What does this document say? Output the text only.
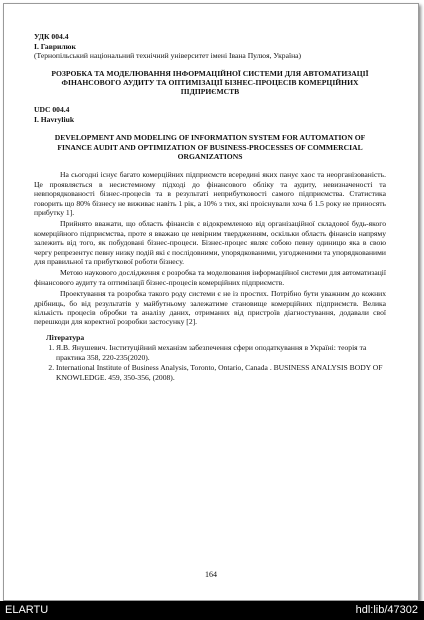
УДК 004.4
І. Гаврилюк
(Тернопільський національний технічний університет імені Івана Пулюя, Україна)
РОЗРОБКА ТА МОДЕЛЮВАННЯ ІНФОРМАЦІЙНОЇ СИСТЕМИ ДЛЯ АВТОМАТИЗАЦІЇ ФІНАНСОВОГО АУДИТУ ТА ОПТИМІЗАЦІЇ БІЗНЕС-ПРОЦЕСІВ КОМЕРЦІЙНИХ ПІДПРИЄМСТВ
UDC 004.4
I. Havryliuk
DEVELOPMENT AND MODELING OF INFORMATION SYSTEM FOR AUTOMATION OF FINANCE AUDIT AND OPTIMIZATION OF BUSINESS-PROCESSES OF COMMERCIAL ORGANIZATIONS

На сьогодні існує багато комерційних підприємств всередині яких панує хаос та неорганізованість. Це проявляється в несистемному підході до фінансового обліку та аудиту, невизначеності та невпорядкованості бізнес-процесів та в результаті неприбутковості самого підприємства. Статистика говорить що 80% бізнесу не виживає навіть 1 рік, а 10% з тих, які проіснували хоча б 1.5 року не приносять прибутку 1].

Прийнято вважати, що область фінансів є відокремленою від організаційної складової будь-якого комерційного підприємства, проте я вважаю це невірним твердженням, оскільки область фінансів напряму залежить від того, як побудовані бізнес-процеси. Бізнес-процес являє собою певну одиницю яка в свою чергу репрезентує певну низку подій які є послідовними, упорядкованими, узгодженими та упорядкованими для правильної та прибуткової роботи бізнесу.

Метою наукового дослідження є розробка та моделювання інформаційної системи для автоматизації фінансового аудиту та оптимізації бізнес-процесів комерційних підприємств.

Проектування та розробка такого роду системи є не із простих. Потрібно бути уважним до кожних дрібниць, бо від результатів у майбутньому залежатиме становище комерційних підприємств. Велика кількість процесів обробки та аналізу даних, отриманих від пристроїв діагностування, додавали свої перешкоди для коректної розробки застосунку [2].

Література
1. Я.В. Янушевич. Інституційний механізм забезпечення сфери оподаткування в Україні: теорія та практика 358, 220-235(2020).
2. International Institute of Business Analysis, Toronto, Ontario, Canada . BUSINESS ANALYSIS BODY OF KNOWLEDGE. 459, 350-356, (2008).
164
ELARTU	hdl:lib/47302
